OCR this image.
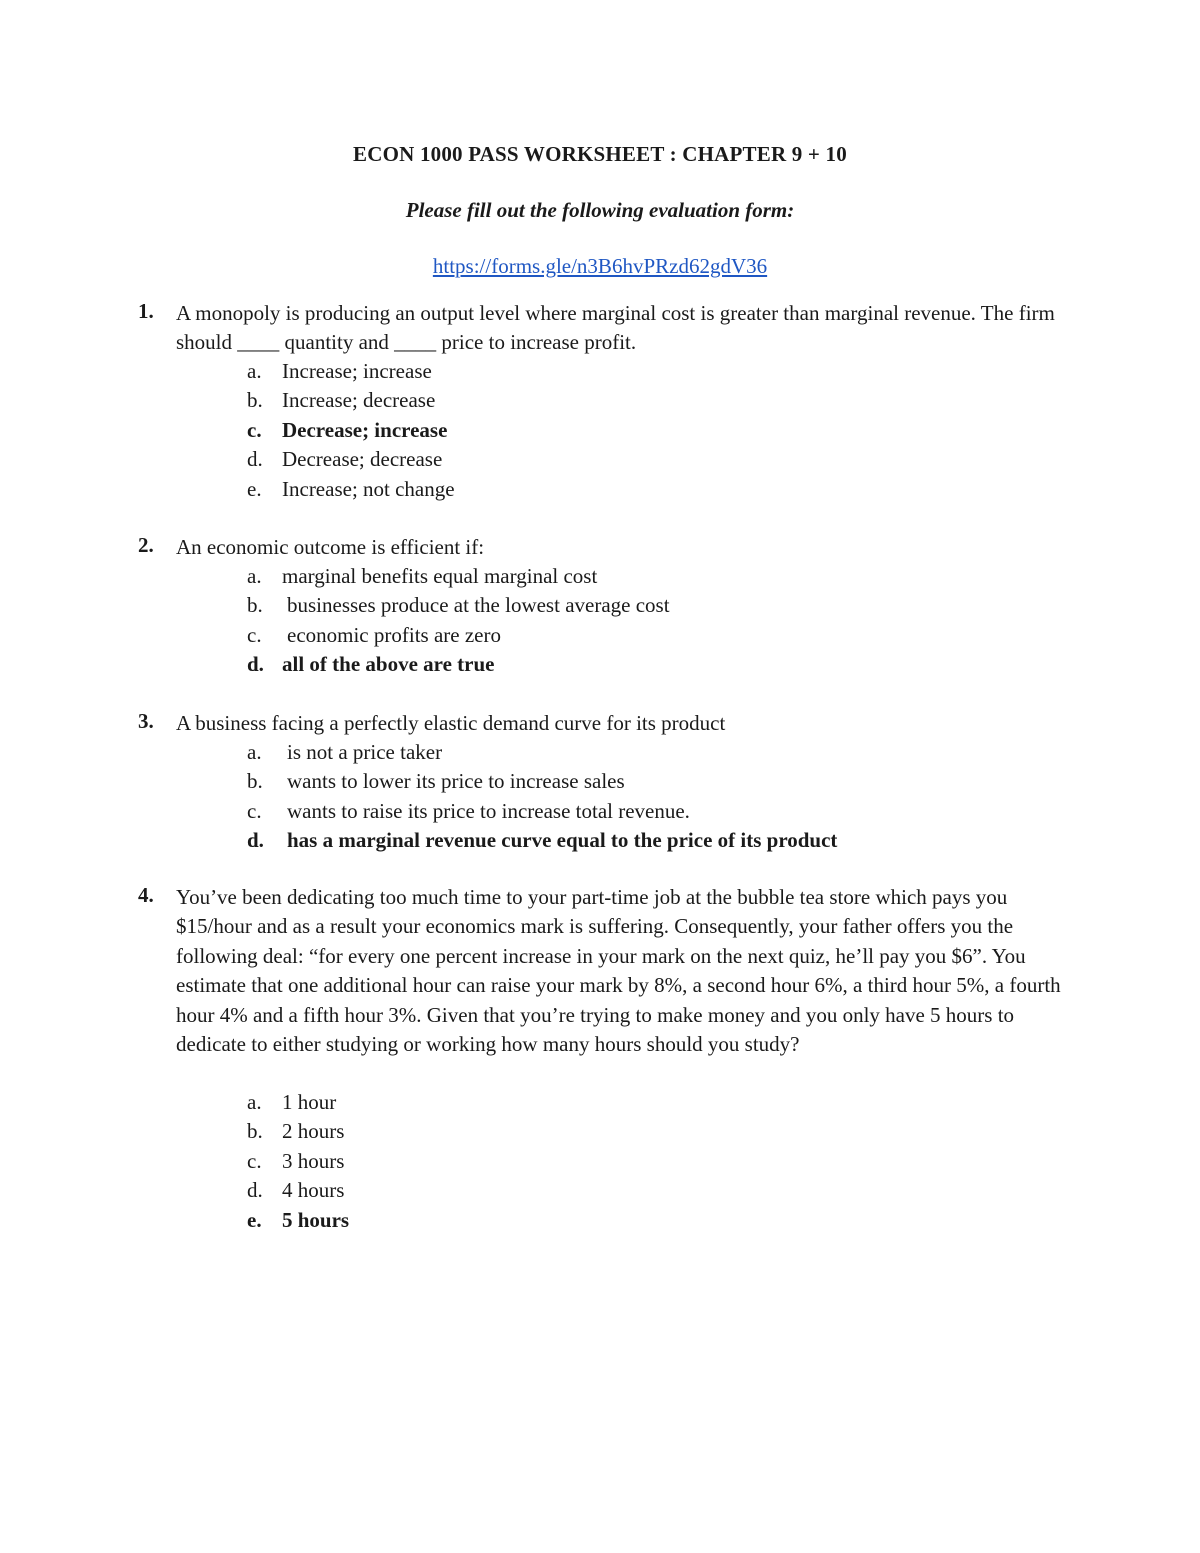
ECON 1000 PASS WORKSHEET : CHAPTER 9 + 10
Please fill out the following evaluation form:
https://forms.gle/n3B6hvPRzd62gdV36
1. A monopoly is producing an output level where marginal cost is greater than marginal revenue. The firm should ____ quantity and ____ price to increase profit.
a. Increase; increase
b. Increase; decrease
c. Decrease; increase
d. Decrease; decrease
e. Increase; not change
2. An economic outcome is efficient if:
a. marginal benefits equal marginal cost
b. businesses produce at the lowest average cost
c. economic profits are zero
d. all of the above are true
3. A business facing a perfectly elastic demand curve for its product
a. is not a price taker
b. wants to lower its price to increase sales
c. wants to raise its price to increase total revenue.
d. has a marginal revenue curve equal to the price of its product
4. You’ve been dedicating too much time to your part-time job at the bubble tea store which pays you $15/hour and as a result your economics mark is suffering. Consequently, your father offers you the following deal: “for every one percent increase in your mark on the next quiz, he’ll pay you $6”. You estimate that one additional hour can raise your mark by 8%, a second hour 6%, a third hour 5%, a fourth hour 4% and a fifth hour 3%. Given that you’re trying to make money and you only have 5 hours to dedicate to either studying or working how many hours should you study?
a. 1 hour
b. 2 hours
c. 3 hours
d. 4 hours
e. 5 hours
